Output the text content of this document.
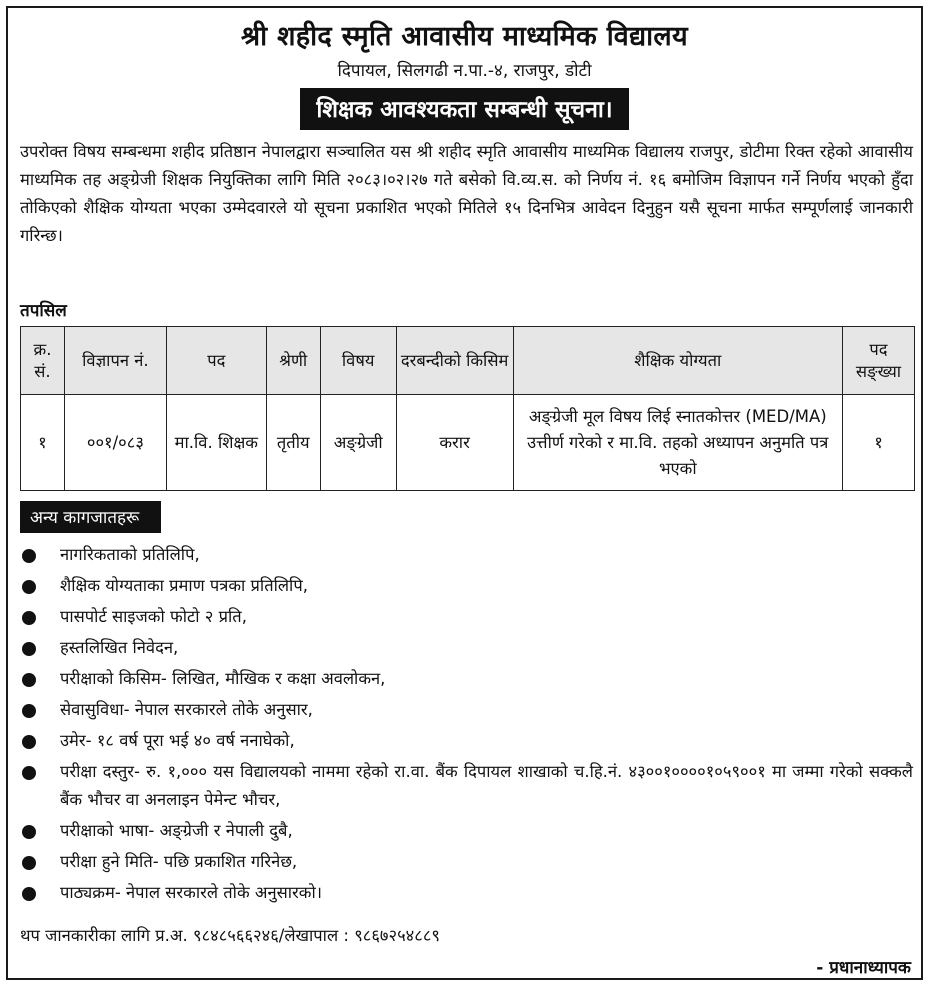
श्री शहीद स्मृति आवासीय माध्यमिक विद्यालय
दिपायल, सिलगढी न.पा.-४, राजपुर, डोटी
शिक्षक आवश्यकता सम्बन्धी सूचना।
उपरोक्त विषय सम्बन्धमा शहीद प्रतिष्ठान नेपालद्वारा सञ्चालित यस श्री शहीद स्मृति आवासीय माध्यमिक विद्यालय राजपुर, डोटीमा रिक्त रहेको आवासीय माध्यमिक तह अङ्ग्रेजी शिक्षक नियुक्तिका लागि मिति २०८३।०२।२७ गते बसेको वि.व्य.स. को निर्णय नं. १६ बमोजिम विज्ञापन गर्ने निर्णय भएको हुँदा तोकिएको शैक्षिक योग्यता भएका उम्मेदवारले यो सूचना प्रकाशित भएको मितिले १५ दिनभित्र आवेदन दिनुहुन यसै सूचना मार्फत सम्पूर्णलाई जानकारी गरिन्छ।
तपसिल
क्र. सं.	विज्ञापन नं.	पद	श्रेणी	विषय	दरबन्दीको किसिम	शैक्षिक योग्यता	पद सङ्ख्या
१	००१/०८३	मा.वि. शिक्षक	तृतीय	अङ्ग्रेजी	करार	अङ्ग्रेजी मूल विषय लिई स्नातकोत्तर (MED/MA) उत्तीर्ण गरेको र मा.वि. तहको अध्यापन अनुमति पत्र भएको	१
अन्य कागजातहरू
नागरिकताको प्रतिलिपि,
शैक्षिक योग्यताका प्रमाण पत्रका प्रतिलिपि,
पासपोर्ट साइजको फोटो २ प्रति,
हस्तलिखित निवेदन,
परीक्षाको किसिम- लिखित, मौखिक र कक्षा अवलोकन,
सेवासुविधा- नेपाल सरकारले तोके अनुसार,
उमेर- १८ वर्ष पूरा भई ४० वर्ष ननाघेको,
परीक्षा दस्तुर- रु. १,००० यस विद्यालयको नाममा रहेको रा.वा. बैंक दिपायल शाखाको च.हि.नं. ४३००१००००१०५९००१ मा जम्मा गरेको सक्कलै बैंक भौचर वा अनलाइन पेमेन्ट भौचर,
परीक्षाको भाषा- अङ्ग्रेजी र नेपाली दुबै,
परीक्षा हुने मिति- पछि प्रकाशित गरिनेछ,
पाठ्यक्रम- नेपाल सरकारले तोके अनुसारको।
थप जानकारीका लागि प्र.अ. ९८४८५६६२४६/लेखापाल : ९८६७२५४८८९
- प्रधानाध्यापक
